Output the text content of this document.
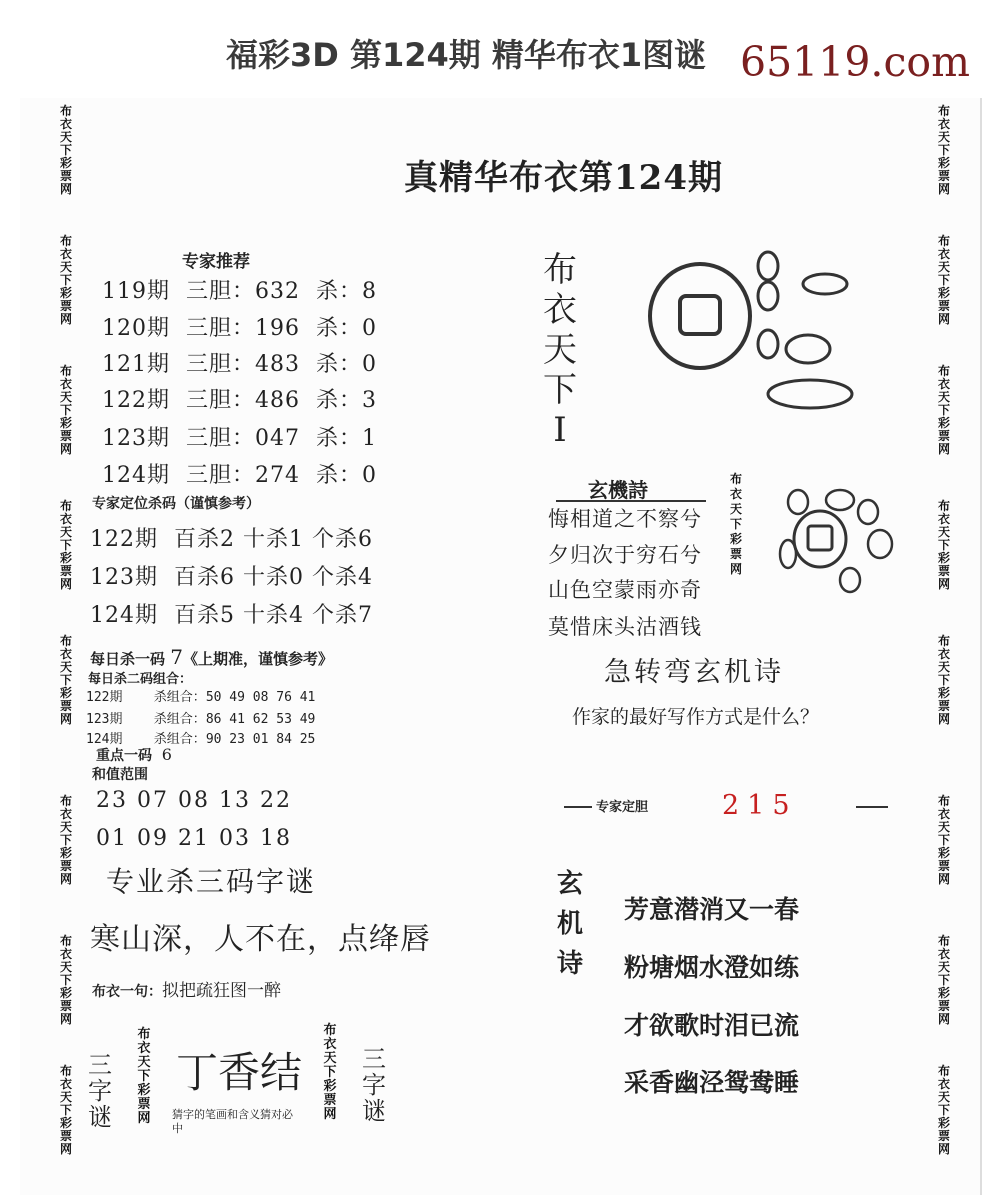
福彩3D 第124期 精华布衣1图谜 65119.com
布衣天下彩票网
布衣天下彩票网
布衣天下彩票网
布衣天下彩票网
布衣天下彩票网
布衣天下彩票网
布衣天下彩票网
布衣天下彩票网
布衣天下彩票网
布衣天下彩票网
布衣天下彩票网
布衣天下彩票网
布衣天下彩票网
布衣天下彩票网
布衣天下彩票网
布衣天下彩票网
真精华布衣第124期
专家推荐
119期 三胆：632 杀：8
120期 三胆：196 杀：0
121期 三胆：483 杀：0
122期 三胆：486 杀：3
123期 三胆：047 杀：1
124期 三胆：274 杀：0
专家定位杀码（谨慎参考）
122期 百杀2 十杀1 个杀6
123期 百杀6 十杀0 个杀4
124期 百杀5 十杀4 个杀7
每日杀一码 7《上期准，谨慎参考》
每日杀二码组合：
122期 杀组合：50 49 08 76 41
123期 杀组合：86 41 62 53 49
124期 杀组合：90 23 01 84 25
重点一码 6
和值范围
23 07 08 13 22
01 09 21 03 18
专业杀三码字谜
寒山深，人不在，点绛唇
布衣一句：拟把疏狂图一醉
三字谜
布衣天下彩票网
丁香结
猜字的笔画和含义猜对必中
布衣天下彩票网
三字谜
布衣天下I
玄機詩
悔相道之不察兮
夕归次于穷石兮
山色空蒙雨亦奇
莫惜床头沽酒钱
布衣天下彩票网
急转弯玄机诗
作家的最好写作方式是什么？
专家定胆	215
玄机诗
芳意潜消又一春
粉塘烟水澄如练
才欲歌时泪已流
采香幽泾鸳鸯睡
